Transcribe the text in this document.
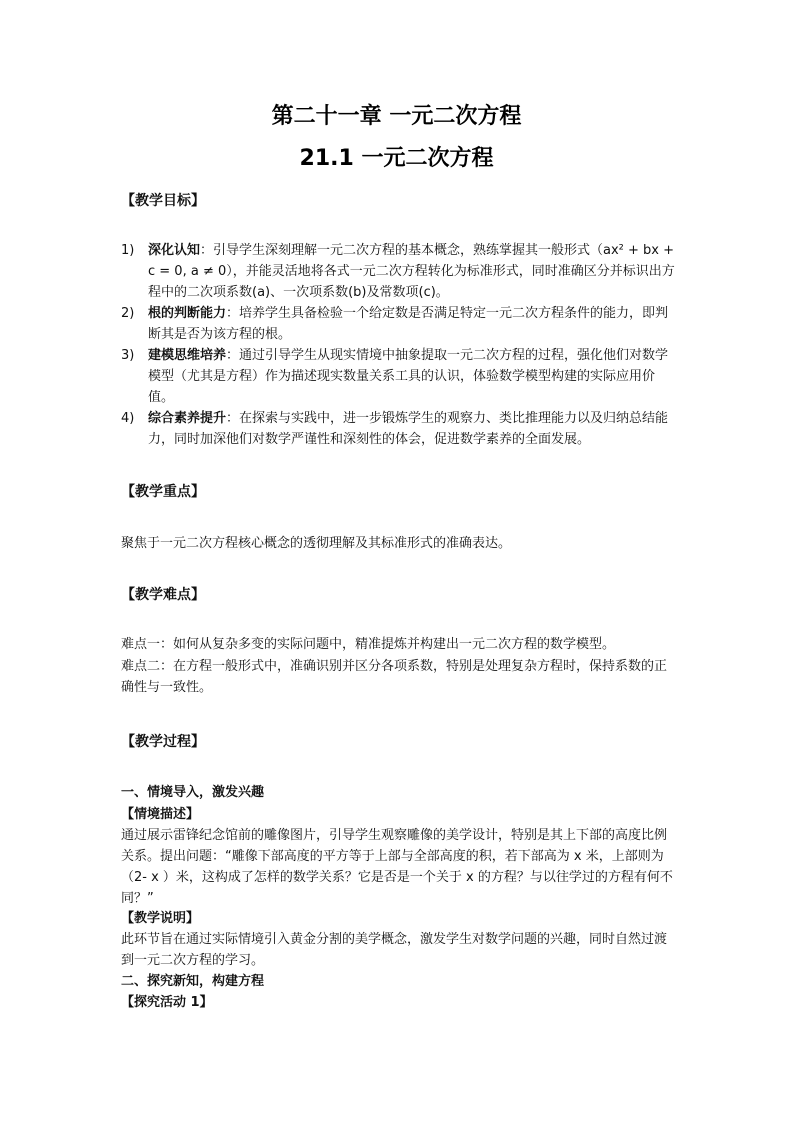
第二十一章 一元二次方程
21.1 一元二次方程
【教学目标】
1)	深化认知：引导学生深刻理解一元二次方程的基本概念，熟练掌握其一般形式（ax² + bx + c = 0, a ≠ 0），并能灵活地将各式一元二次方程转化为标准形式，同时准确区分并标识出方程中的二次项系数(a)、一次项系数(b)及常数项(c)。
2)	根的判断能力：培养学生具备检验一个给定数是否满足特定一元二次方程条件的能力，即判断其是否为该方程的根。
3)	建模思维培养：通过引导学生从现实情境中抽象提取一元二次方程的过程，强化他们对数学模型（尤其是方程）作为描述现实数量关系工具的认识，体验数学模型构建的实际应用价值。
4)	综合素养提升：在探索与实践中，进一步锻炼学生的观察力、类比推理能力以及归纳总结能力，同时加深他们对数学严谨性和深刻性的体会，促进数学素养的全面发展。
【教学重点】

聚焦于一元二次方程核心概念的透彻理解及其标准形式的准确表达。

【教学难点】

难点一：如何从复杂多变的实际问题中，精准提炼并构建出一元二次方程的数学模型。

难点二：在方程一般形式中，准确识别并区分各项系数，特别是处理复杂方程时，保持系数的正确性与一致性。

【教学过程】
一、情境导入，激发兴趣
【情境描述】

通过展示雷锋纪念馆前的雕像图片，引导学生观察雕像的美学设计，特别是其上下部的高度比例关系。提出问题：“雕像下部高度的平方等于上部与全部高度的积，若下部高为 x 米，上部则为（2- x ）米，这构成了怎样的数学关系？它是否是一个关于 x 的方程？与以往学过的方程有何不同？”

【教学说明】

此环节旨在通过实际情境引入黄金分割的美学概念，激发学生对数学问题的兴趣，同时自然过渡到一元二次方程的学习。

二、探究新知，构建方程
【探究活动 1】
